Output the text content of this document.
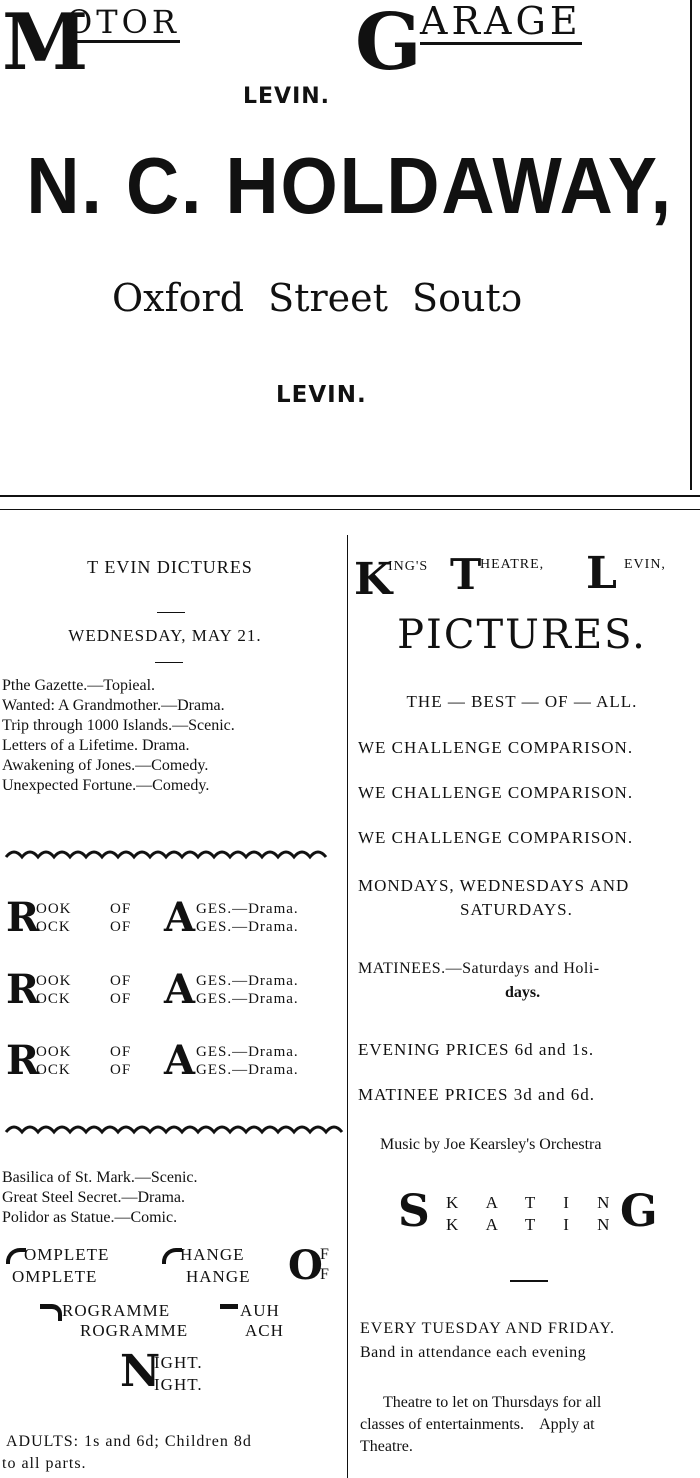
M
OTOR G
ARAGE
LEVIN.
N. C. HOLDAWAY,
Oxford  Street  Soutɔ
LEVIN.
T EVIN DICTURES
WEDNESDAY, MAY 21.
Pthe Gazette.—Topieal.
Wanted: A Grandmother.—Drama.
Trip through 1000 Islands.—Scenic.
Letters of a Lifetime. Drama.
Awakening of Jones.—Comedy.
Unexpected Fortune.—Comedy.
R
OOK
OCK
OF
OF A GES.—Drama.
GES.—Drama.
R
OOK
OCK
OF
OF A GES.—Drama.
GES.—Drama.
R
OOK
OCK
OF
OF A GES.—Drama.
GES.—Drama.
Basilica of St. Mark.—Scenic.
Great Steel Secret.—Drama.
Polidor as Statue.—Comic.
OMPLETE
OMPLETE
HANGE
HANGE O
F
F
ROGRAMME
ROGRAMME
AUH
ACH
N
IGHT.
IGHT.
ADULTS: 1s and 6d; Children 8d
to all parts.
K
ING'S T
HEATRE, L EVIN,
PICTURES.
THE — BEST — OF — ALL.
WE CHALLENGE COMPARISON.
WE CHALLENGE COMPARISON.
WE CHALLENGE COMPARISON.
MONDAYS, WEDNESDAYS AND
SATURDAYS.
MATINEES.—Saturdays and Holi-
days.
EVENING PRICES 6d and 1s.
MATINEE PRICES 3d and 6d.
Music by Joe Kearsley's Orchestra
S K A T I N
K A T I N
G
EVERY TUESDAY AND FRIDAY.
Band in attendance each evening
Theatre to let on Thursdays for all
classes of entertainments.    Apply at
Theatre.
